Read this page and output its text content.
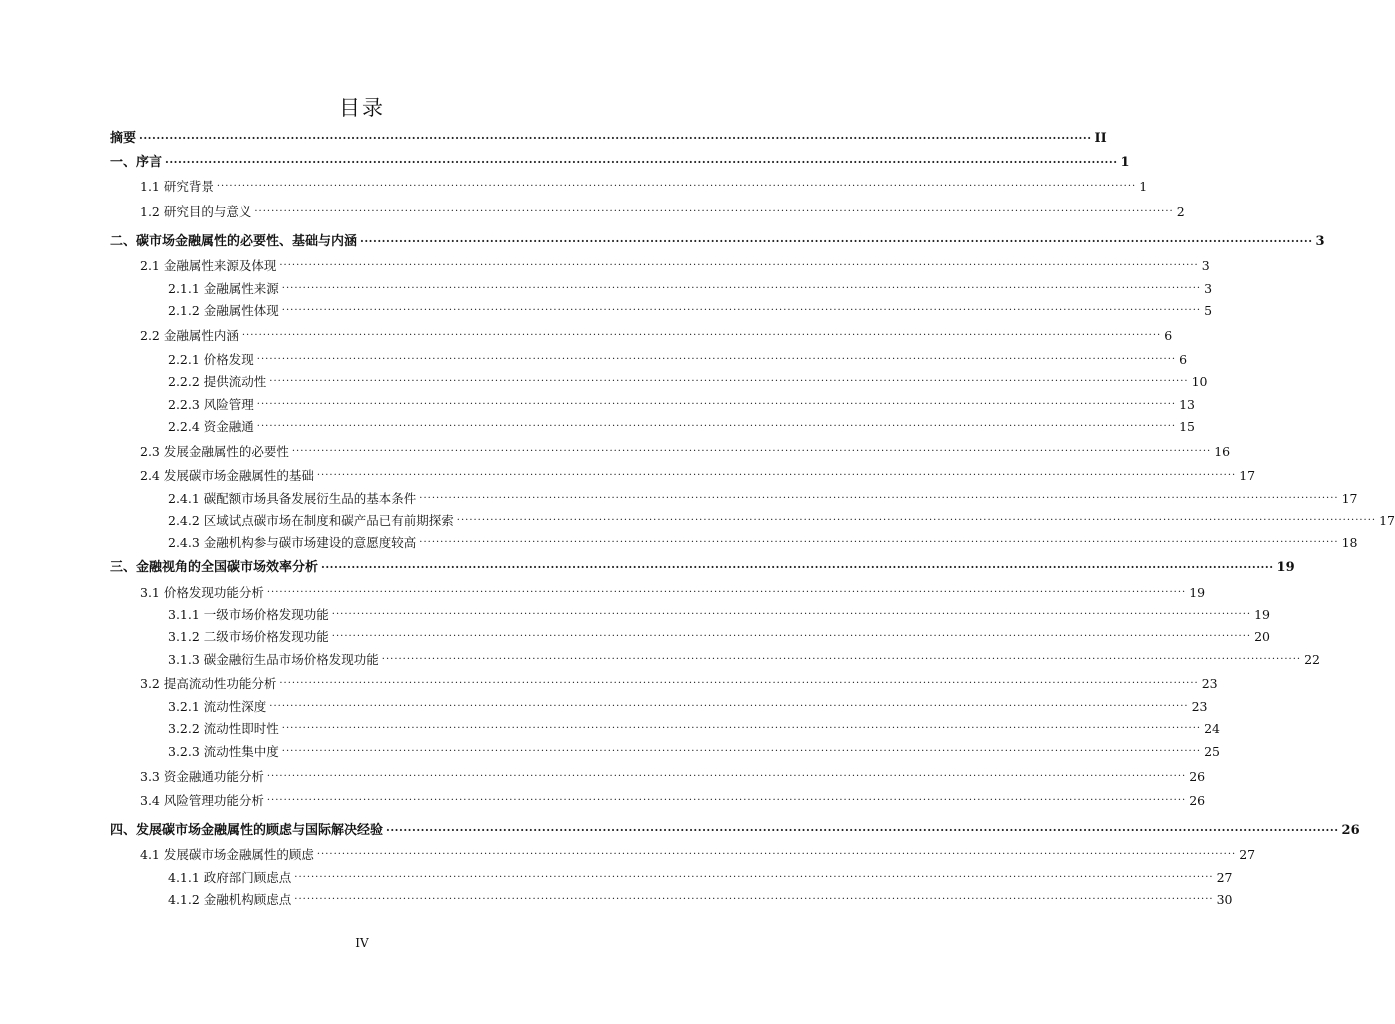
目录
摘要 ···························································································································································································································· II
一、序言 ···························································································································································································································· 1
1.1 研究背景 ···························································································································································································································· 1
1.2 研究目的与意义 ···························································································································································································································· 2
二、碳市场金融属性的必要性、基础与内涵 ···························································································································································································································· 3
2.1 金融属性来源及体现 ···························································································································································································································· 3
2.1.1 金融属性来源 ···························································································································································································································· 3
2.1.2 金融属性体现 ···························································································································································································································· 5
2.2 金融属性内涵 ···························································································································································································································· 6
2.2.1 价格发现 ···························································································································································································································· 6
2.2.2 提供流动性 ···························································································································································································································· 10
2.2.3 风险管理 ···························································································································································································································· 13
2.2.4 资金融通 ···························································································································································································································· 15
2.3 发展金融属性的必要性 ···························································································································································································································· 16
2.4 发展碳市场金融属性的基础 ···························································································································································································································· 17
2.4.1 碳配额市场具备发展衍生品的基本条件 ···························································································································································································································· 17
2.4.2 区域试点碳市场在制度和碳产品已有前期探索 ···························································································································································································································· 17
2.4.3 金融机构参与碳市场建设的意愿度较高 ···························································································································································································································· 18
三、金融视角的全国碳市场效率分析 ···························································································································································································································· 19
3.1 价格发现功能分析 ···························································································································································································································· 19
3.1.1 一级市场价格发现功能 ···························································································································································································································· 19
3.1.2 二级市场价格发现功能 ···························································································································································································································· 20
3.1.3 碳金融衍生品市场价格发现功能 ···························································································································································································································· 22
3.2 提高流动性功能分析 ···························································································································································································································· 23
3.2.1 流动性深度 ···························································································································································································································· 23
3.2.2 流动性即时性 ···························································································································································································································· 24
3.2.3 流动性集中度 ···························································································································································································································· 25
3.3 资金融通功能分析 ···························································································································································································································· 26
3.4 风险管理功能分析 ···························································································································································································································· 26
四、发展碳市场金融属性的顾虑与国际解决经验 ···························································································································································································································· 26
4.1 发展碳市场金融属性的顾虑 ···························································································································································································································· 27
4.1.1 政府部门顾虑点 ···························································································································································································································· 27
4.1.2 金融机构顾虑点 ···························································································································································································································· 30
IV
